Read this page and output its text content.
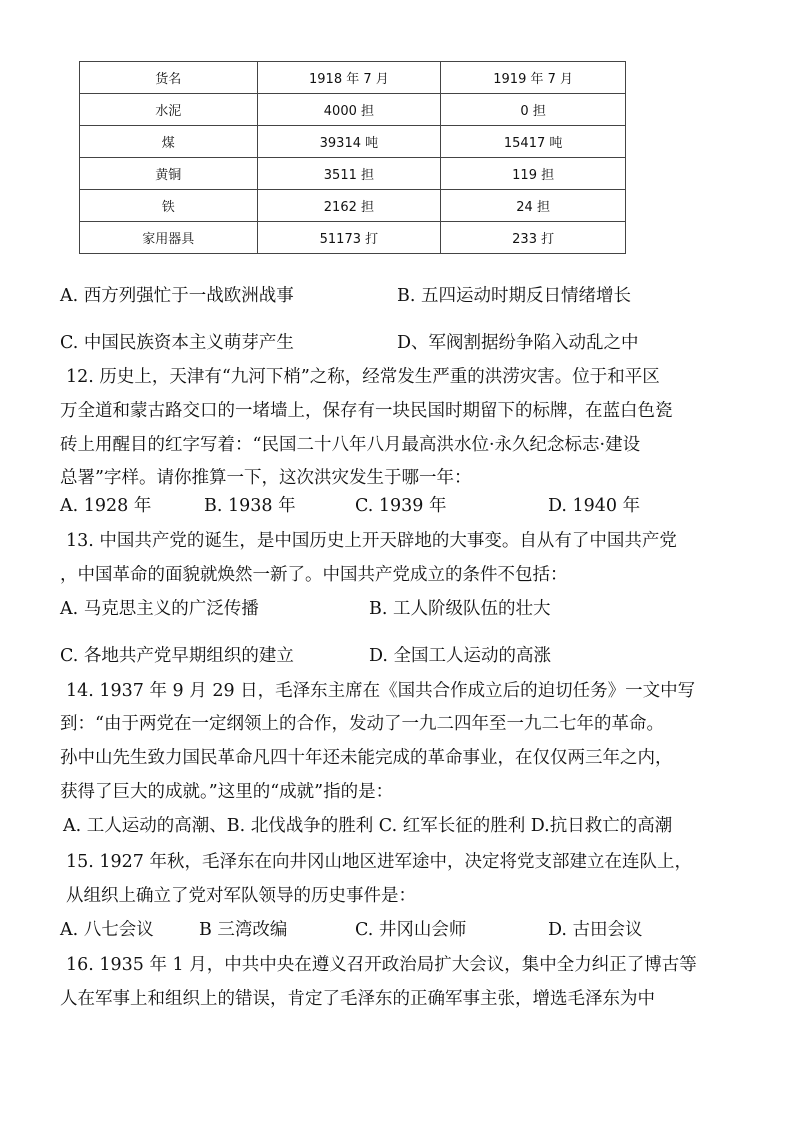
货名	1918 年 7 月	1919 年 7 月
水泥	4000 担	0 担
煤	39314 吨	15417 吨
黄铜	3511 担	119 担
铁	2162 担	24 担
家用器具	51173 打	233 打
A. 西方列强忙于一战欧洲战事	B. 五四运动时期反日情绪增长
C. 中国民族资本主义萌芽产生	D、军阀割据纷争陷入动乱之中
12. 历史上，天津有“九河下梢”之称，经常发生严重的洪涝灾害。位于和平区
万全道和蒙古路交口的一堵墙上，保存有一块民国时期留下的标牌，在蓝白色瓷
砖上用醒目的红字写着：“民国二十八年八月最高洪水位·永久纪念标志·建设
总署”字样。请你推算一下，这次洪灾发生于哪一年：
A. 1928 年	B. 1938 年	C. 1939 年	D. 1940 年
13. 中国共产党的诞生，是中国历史上开天辟地的大事变。自从有了中国共产党
，中国革命的面貌就焕然一新了。中国共产党成立的条件不包括：
A. 马克思主义的广泛传播	B. 工人阶级队伍的壮大
C. 各地共产党早期组织的建立	D. 全国工人运动的高涨
14. 1937 年 9 月 29 日，毛泽东主席在《国共合作成立后的迫切任务》一文中写
到：“由于两党在一定纲领上的合作，发动了一九二四年至一九二七年的革命。
孙中山先生致力国民革命凡四十年还未能完成的革命事业，在仅仅两三年之内，
获得了巨大的成就。”这里的“成就”指的是：
A. 工人运动的高潮、B. 北伐战争的胜利 C. 红军长征的胜利 D.抗日救亡的高潮
15. 1927 年秋，毛泽东在向井冈山地区进军途中，决定将党支部建立在连队上，
从组织上确立了党对军队领导的历史事件是：
A. 八七会议	B 三湾改编	C. 井冈山会师	D. 古田会议
16. 1935 年 1 月，中共中央在遵义召开政治局扩大会议，集中全力纠正了博古等
人在军事上和组织上的错误，肯定了毛泽东的正确军事主张，增选毛泽东为中
